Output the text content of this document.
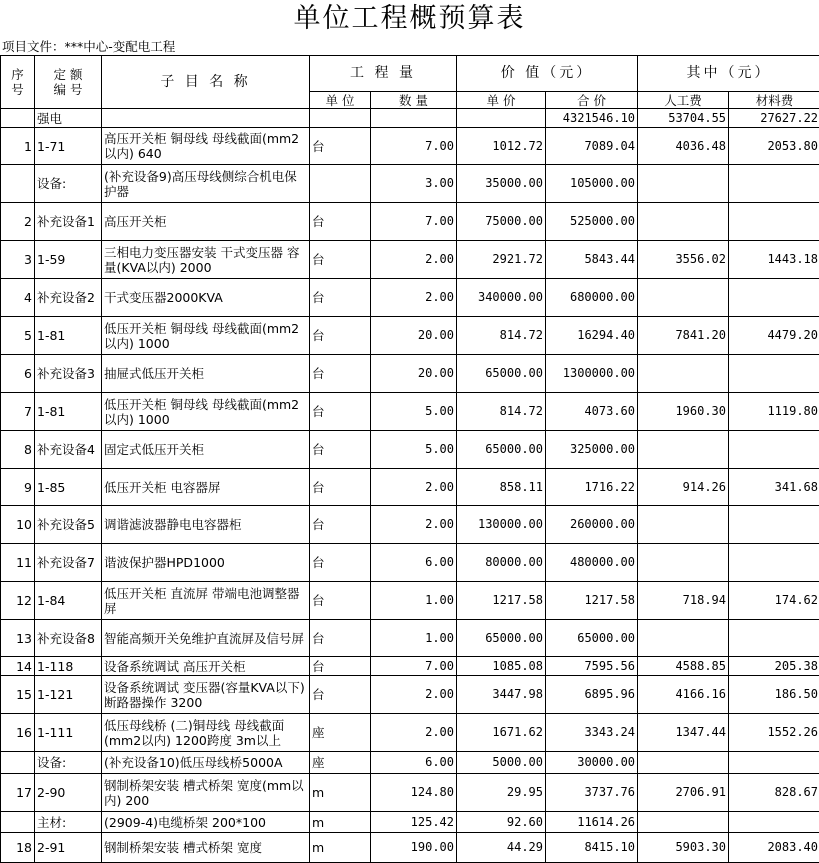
单位工程概预算表
项目文件：***中心-变配电工程
序
号	定 额
编 号	子 目 名 称	工 程 量		价 值（元）		其中（元）	
			单 位	数 量	单 价	合 价	人工费	材料费
	强电					4321546.10	53704.55	27627.22
1	1-71	高压开关柜 铜母线 母线截面(mm2以内) 640	台	7.00	1012.72	7089.04	4036.48	2053.80
	设备:	(补充设备9)高压母线侧综合机电保护器		3.00	35000.00	105000.00		
2	补充设备1	高压开关柜	台	7.00	75000.00	525000.00		
3	1-59	三相电力变压器安装 干式变压器 容量(KVA以内) 2000	台	2.00	2921.72	5843.44	3556.02	1443.18
4	补充设备2	干式变压器2000KVA	台	2.00	340000.00	680000.00		
5	1-81	低压开关柜 铜母线 母线截面(mm2以内) 1000	台	20.00	814.72	16294.40	7841.20	4479.20
6	补充设备3	抽屉式低压开关柜	台	20.00	65000.00	1300000.00		
7	1-81	低压开关柜 铜母线 母线截面(mm2以内) 1000	台	5.00	814.72	4073.60	1960.30	1119.80
8	补充设备4	固定式低压开关柜	台	5.00	65000.00	325000.00		
9	1-85	低压开关柜 电容器屏	台	2.00	858.11	1716.22	914.26	341.68
10	补充设备5	调谐滤波器静电电容器柜	台	2.00	130000.00	260000.00		
11	补充设备7	谐波保护器HPD1000	台	6.00	80000.00	480000.00		
12	1-84	低压开关柜 直流屏 带端电池调整器屏	台	1.00	1217.58	1217.58	718.94	174.62
13	补充设备8	智能高频开关免维护直流屏及信号屏	台	1.00	65000.00	65000.00		
14	1-118	设备系统调试 高压开关柜	台	7.00	1085.08	7595.56	4588.85	205.38
15	1-121	设备系统调试 变压器(容量KVA以下) 断路器操作 3200	台	2.00	3447.98	6895.96	4166.16	186.50
16	1-111	低压母线桥 (二)铜母线 母线截面(mm2以内) 1200跨度 3m以上	座	2.00	1671.62	3343.24	1347.44	1552.26
	设备:	(补充设备10)低压母线桥5000A	座	6.00	5000.00	30000.00		
17	2-90	钢制桥架安装 槽式桥架 宽度(mm以内) 200	m	124.80	29.95	3737.76	2706.91	828.67
	主材:	(2909-4)电缆桥架 200*100	m	125.42	92.60	11614.26		
18	2-91	钢制桥架安装 槽式桥架 宽度	m	190.00	44.29	8415.10	5903.30	2083.40
